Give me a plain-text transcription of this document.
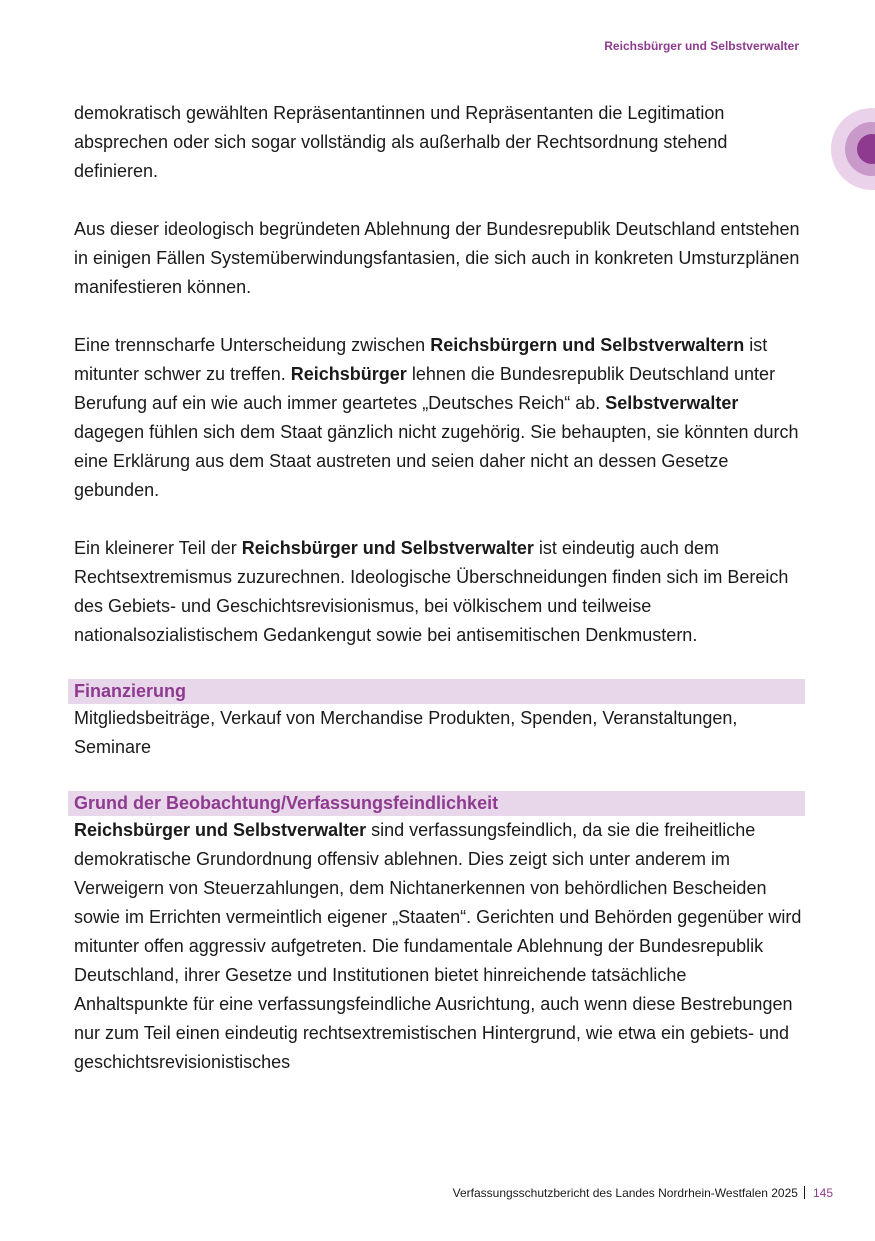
Reichsbürger und Selbstverwalter

demokratisch gewählten Repräsentantinnen und Repräsentanten die Legitimation absprechen oder sich sogar vollständig als außerhalb der Rechtsordnung stehend definieren.

Aus dieser ideologisch begründeten Ablehnung der Bundesrepublik Deutschland entstehen in einigen Fällen Systemüberwindungsfantasien, die sich auch in konkreten Umsturzplänen manifestieren können.

Eine trennscharfe Unterscheidung zwischen Reichsbürgern und Selbstverwaltern ist mitunter schwer zu treffen. Reichsbürger lehnen die Bundesrepublik Deutschland unter Berufung auf ein wie auch immer geartetes „Deutsches Reich“ ab. Selbstverwalter dagegen fühlen sich dem Staat gänzlich nicht zugehörig. Sie behaupten, sie könnten durch eine Erklärung aus dem Staat austreten und seien daher nicht an dessen Gesetze gebunden.

Ein kleinerer Teil der Reichsbürger und Selbstverwalter ist eindeutig auch dem Rechtsextremismus zuzurechnen. Ideologische Überschneidungen finden sich im Bereich des Gebiets- und Geschichtsrevisionismus, bei völkischem und teilweise nationalsozialistischem Gedankengut sowie bei antisemitischen Denkmustern.

Finanzierung

Mitgliedsbeiträge, Verkauf von Merchandise Produkten, Spenden, Veranstaltungen, Seminare

Grund der Beobachtung/Verfassungsfeindlichkeit

Reichsbürger und Selbstverwalter sind verfassungsfeindlich, da sie die freiheitliche demokratische Grundordnung offensiv ablehnen. Dies zeigt sich unter anderem im Verweigern von Steuerzahlungen, dem Nichtanerkennen von behördlichen Bescheiden sowie im Errichten vermeintlich eigener „Staaten“. Gerichten und Behörden gegenüber wird mitunter offen aggressiv aufgetreten. Die fundamentale Ablehnung der Bundesrepublik Deutschland, ihrer Gesetze und Institutionen bietet hinreichende tatsächliche Anhaltspunkte für eine verfassungsfeindliche Ausrichtung, auch wenn diese Bestrebungen nur zum Teil einen eindeutig rechtsextremistischen Hintergrund, wie etwa ein gebiets- und geschichtsrevisionistisches

Verfassungsschutzbericht des Landes Nordrhein-Westfalen 2025 145
